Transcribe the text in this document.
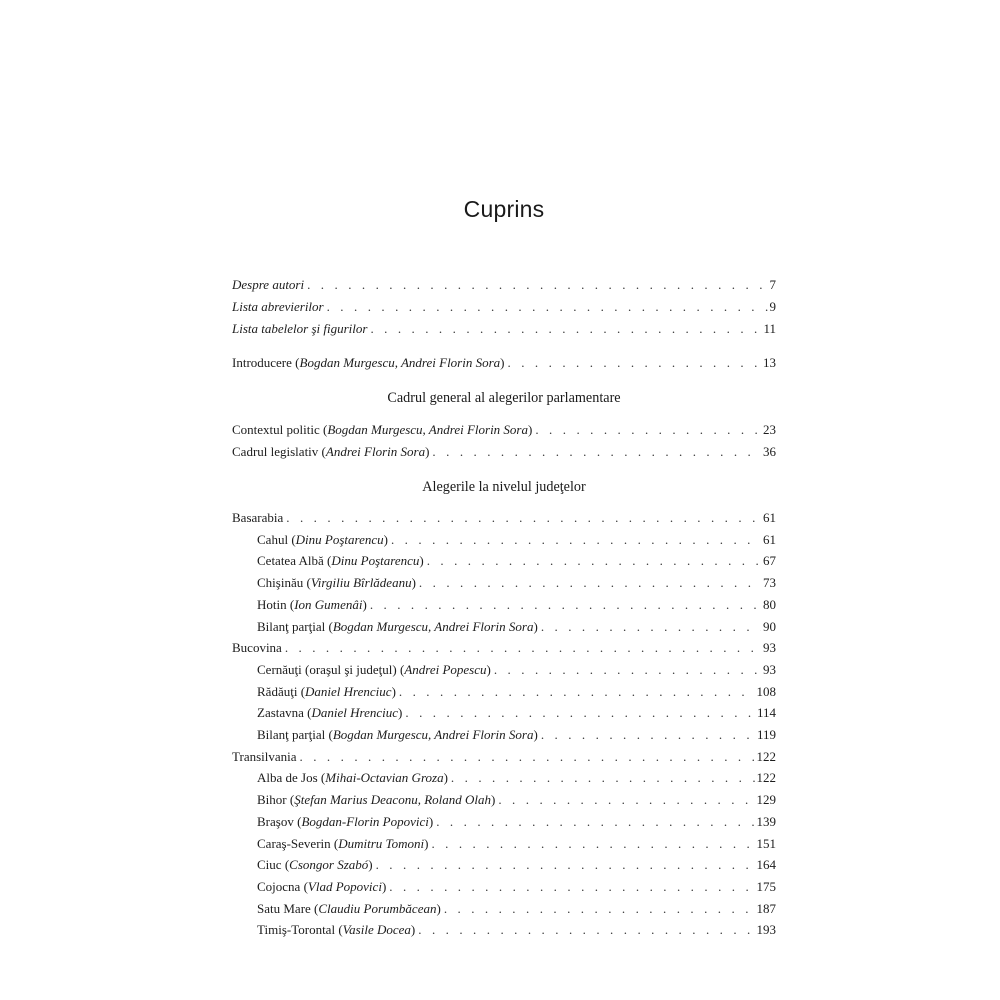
Cuprins
Despre autori . . .	7
Lista abrevierilor . . .	9
Lista tabelelor şi figurilor . . .	11
Introducere (Bogdan Murgescu, Andrei Florin Sora) . . .	13
Cadrul general al alegerilor parlamentare
Contextul politic (Bogdan Murgescu, Andrei Florin Sora) . . .	23
Cadrul legislativ (Andrei Florin Sora) . . .	36
Alegerile la nivelul judeţelor
Basarabia . . .	61
Cahul (Dinu Poştarencu) . . .	61
Cetatea Albă (Dinu Poştarencu) . . .	67
Chişinău (Virgiliu Bîrlădeanu) . . .	73
Hotin (Ion Gumenâi) . . .	80
Bilanţ parţial (Bogdan Murgescu, Andrei Florin Sora) . . .	90
Bucovina . . .	93
Cernăuţi (oraşul şi judeţul) (Andrei Popescu) . . .	93
Rădăuţi (Daniel Hrenciuc) . . .	108
Zastavna (Daniel Hrenciuc) . . .	114
Bilanţ parţial (Bogdan Murgescu, Andrei Florin Sora) . . .	119
Transilvania . . .	122
Alba de Jos (Mihai-Octavian Groza) . . .	122
Bihor (Ştefan Marius Deaconu, Roland Olah) . . .	129
Braşov (Bogdan-Florin Popovici) . . .	139
Caraş-Severin (Dumitru Tomoni) . . .	151
Ciuc (Csongor Szabó) . . .	164
Cojocna (Vlad Popovici) . . .	175
Satu Mare (Claudiu Porumbăcean) . . .	187
Timiş-Torontal (Vasile Docea) . . .	193
